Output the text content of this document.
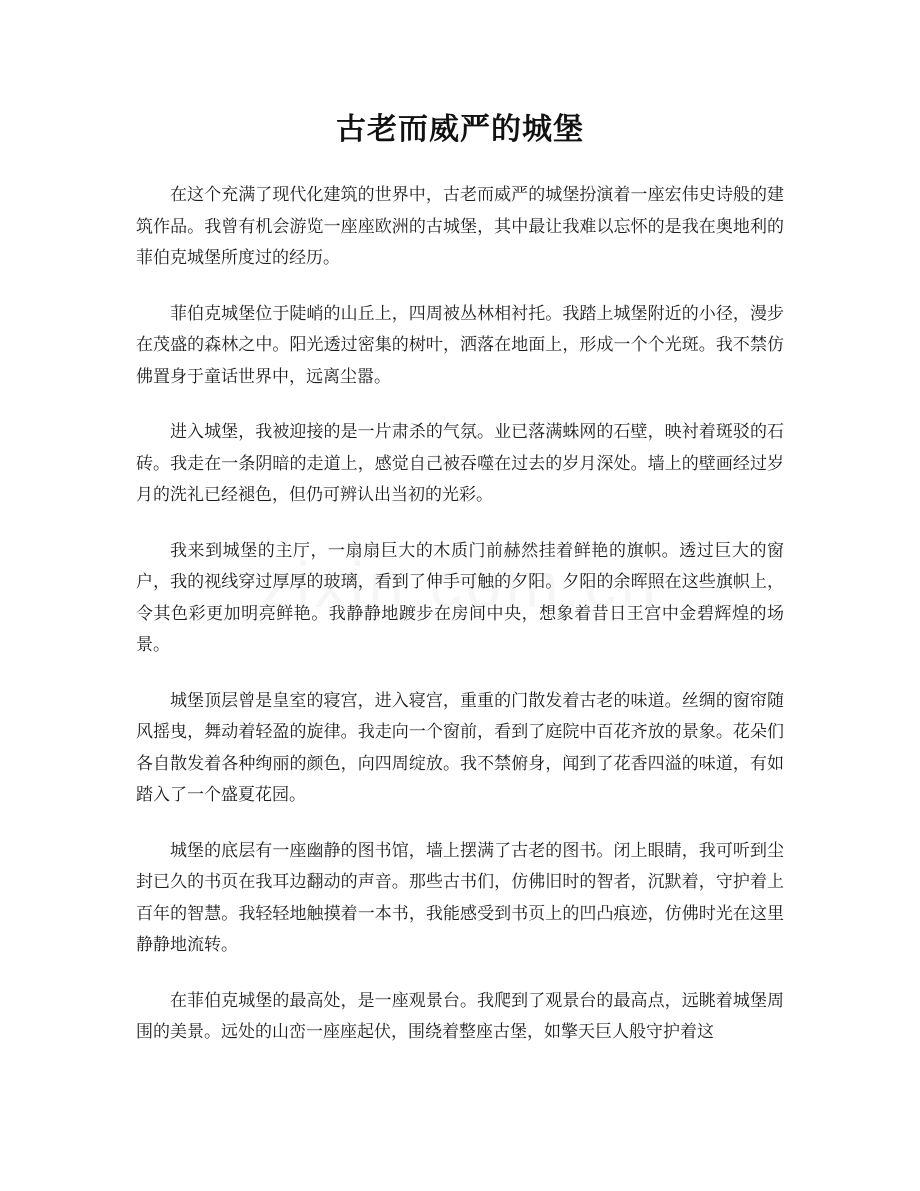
古老而威严的城堡

在这个充满了现代化建筑的世界中，古老而威严的城堡扮演着一座宏伟史诗般的建筑作品。我曾有机会游览一座座欧洲的古城堡，其中最让我难以忘怀的是我在奥地利的菲伯克城堡所度过的经历。

菲伯克城堡位于陡峭的山丘上，四周被丛林相衬托。我踏上城堡附近的小径，漫步在茂盛的森林之中。阳光透过密集的树叶，洒落在地面上，形成一个个光斑。我不禁仿佛置身于童话世界中，远离尘嚣。

进入城堡，我被迎接的是一片肃杀的气氛。业已落满蛛网的石壁，映衬着斑驳的石砖。我走在一条阴暗的走道上，感觉自己被吞噬在过去的岁月深处。墙上的壁画经过岁月的洗礼已经褪色，但仍可辨认出当初的光彩。

我来到城堡的主厅，一扇扇巨大的木质门前赫然挂着鲜艳的旗帜。透过巨大的窗户，我的视线穿过厚厚的玻璃，看到了伸手可触的夕阳。夕阳的余晖照在这些旗帜上，令其色彩更加明亮鲜艳。我静静地踱步在房间中央，想象着昔日王宫中金碧辉煌的场景。

城堡顶层曾是皇室的寝宫，进入寝宫，重重的门散发着古老的味道。丝绸的窗帘随风摇曳，舞动着轻盈的旋律。我走向一个窗前，看到了庭院中百花齐放的景象。花朵们各自散发着各种绚丽的颜色，向四周绽放。我不禁俯身，闻到了花香四溢的味道，有如踏入了一个盛夏花园。

城堡的底层有一座幽静的图书馆，墙上摆满了古老的图书。闭上眼睛，我可听到尘封已久的书页在我耳边翻动的声音。那些古书们，仿佛旧时的智者，沉默着，守护着上百年的智慧。我轻轻地触摸着一本书，我能感受到书页上的凹凸痕迹，仿佛时光在这里静静地流转。

在菲伯克城堡的最高处，是一座观景台。我爬到了观景台的最高点，远眺着城堡周围的美景。远处的山峦一座座起伏，围绕着整座古堡，如擎天巨人般守护着这
